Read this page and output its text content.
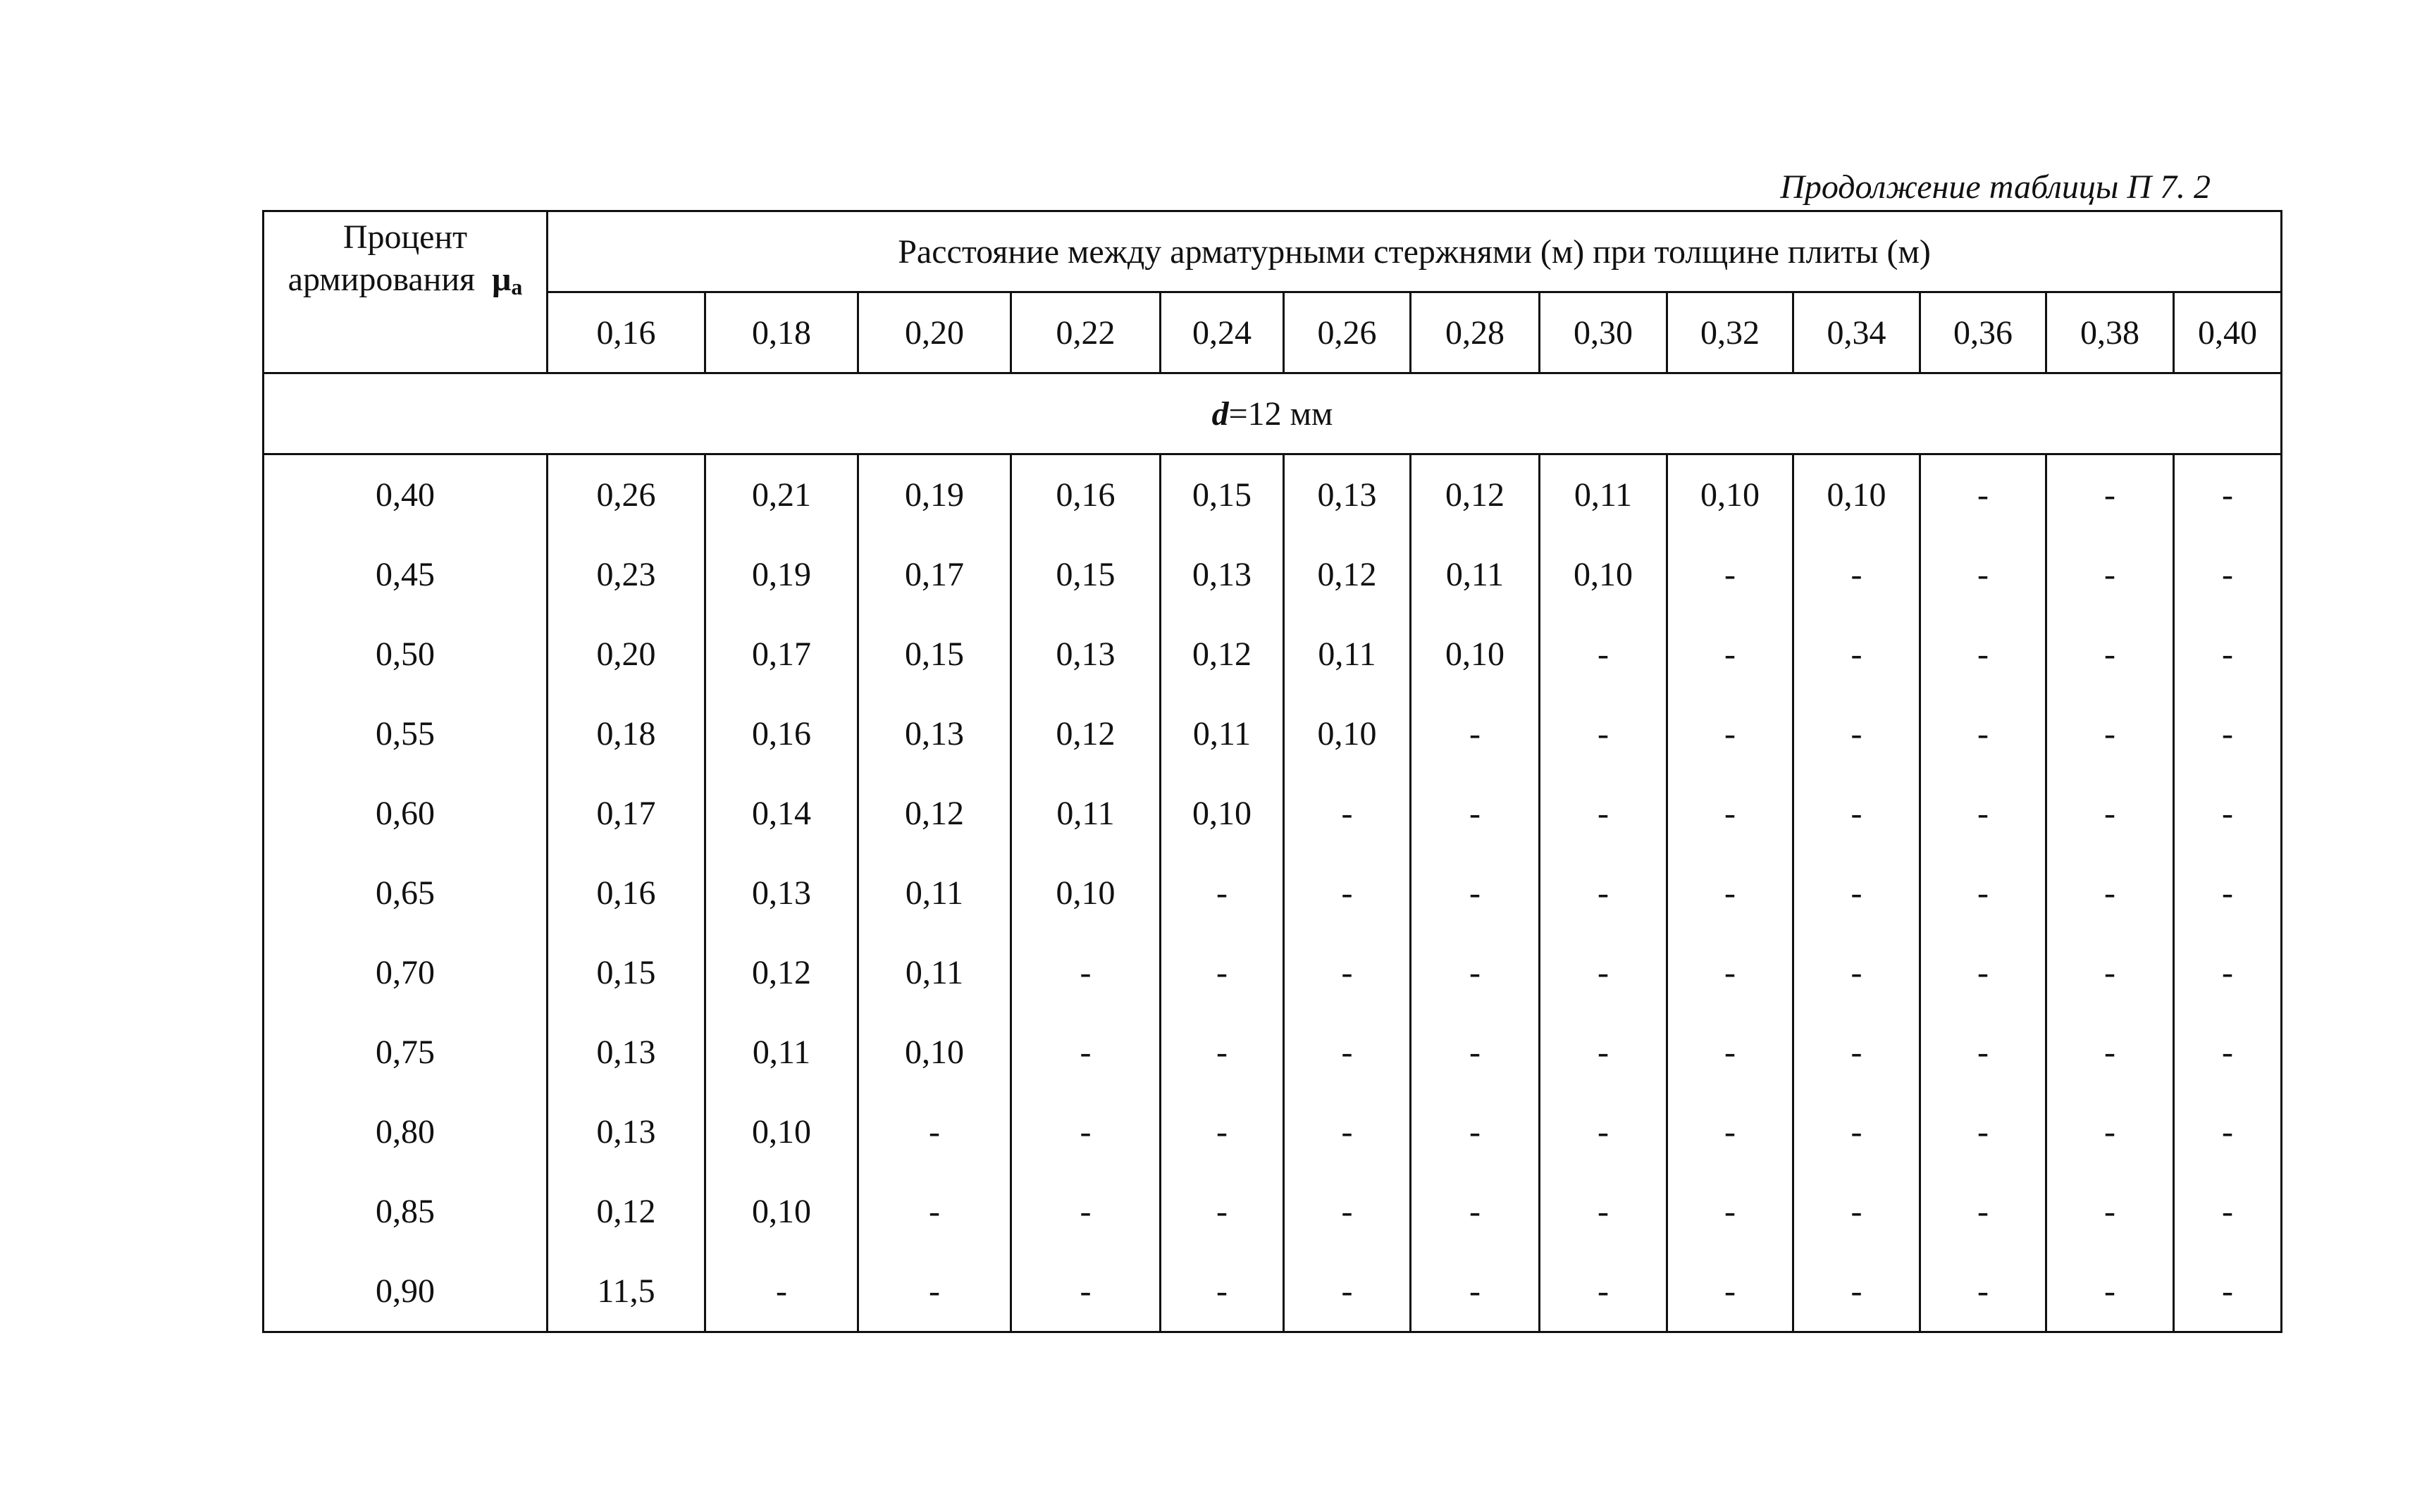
Продолжение таблицы П 7. 2
Процент
армирования μа	Расстояние между арматурными стержнями (м) при толщине плиты (м)												
	0,16	0,18	0,20	0,22	0,24	0,26	0,28	0,30	0,32	0,34	0,36	0,38	0,40
d=12 мм													
0,40	0,26	0,21	0,19	0,16	0,15	0,13	0,12	0,11	0,10	0,10	-	-	-
0,45	0,23	0,19	0,17	0,15	0,13	0,12	0,11	0,10	-	-	-	-	-
0,50	0,20	0,17	0,15	0,13	0,12	0,11	0,10	-	-	-	-	-	-
0,55	0,18	0,16	0,13	0,12	0,11	0,10	-	-	-	-	-	-	-
0,60	0,17	0,14	0,12	0,11	0,10	-	-	-	-	-	-	-	-
0,65	0,16	0,13	0,11	0,10	-	-	-	-	-	-	-	-	-
0,70	0,15	0,12	0,11	-	-	-	-	-	-	-	-	-	-
0,75	0,13	0,11	0,10	-	-	-	-	-	-	-	-	-	-
0,80	0,13	0,10	-	-	-	-	-	-	-	-	-	-	-
0,85	0,12	0,10	-	-	-	-	-	-	-	-	-	-	-
0,90	11,5	-	-	-	-	-	-	-	-	-	-	-	-
